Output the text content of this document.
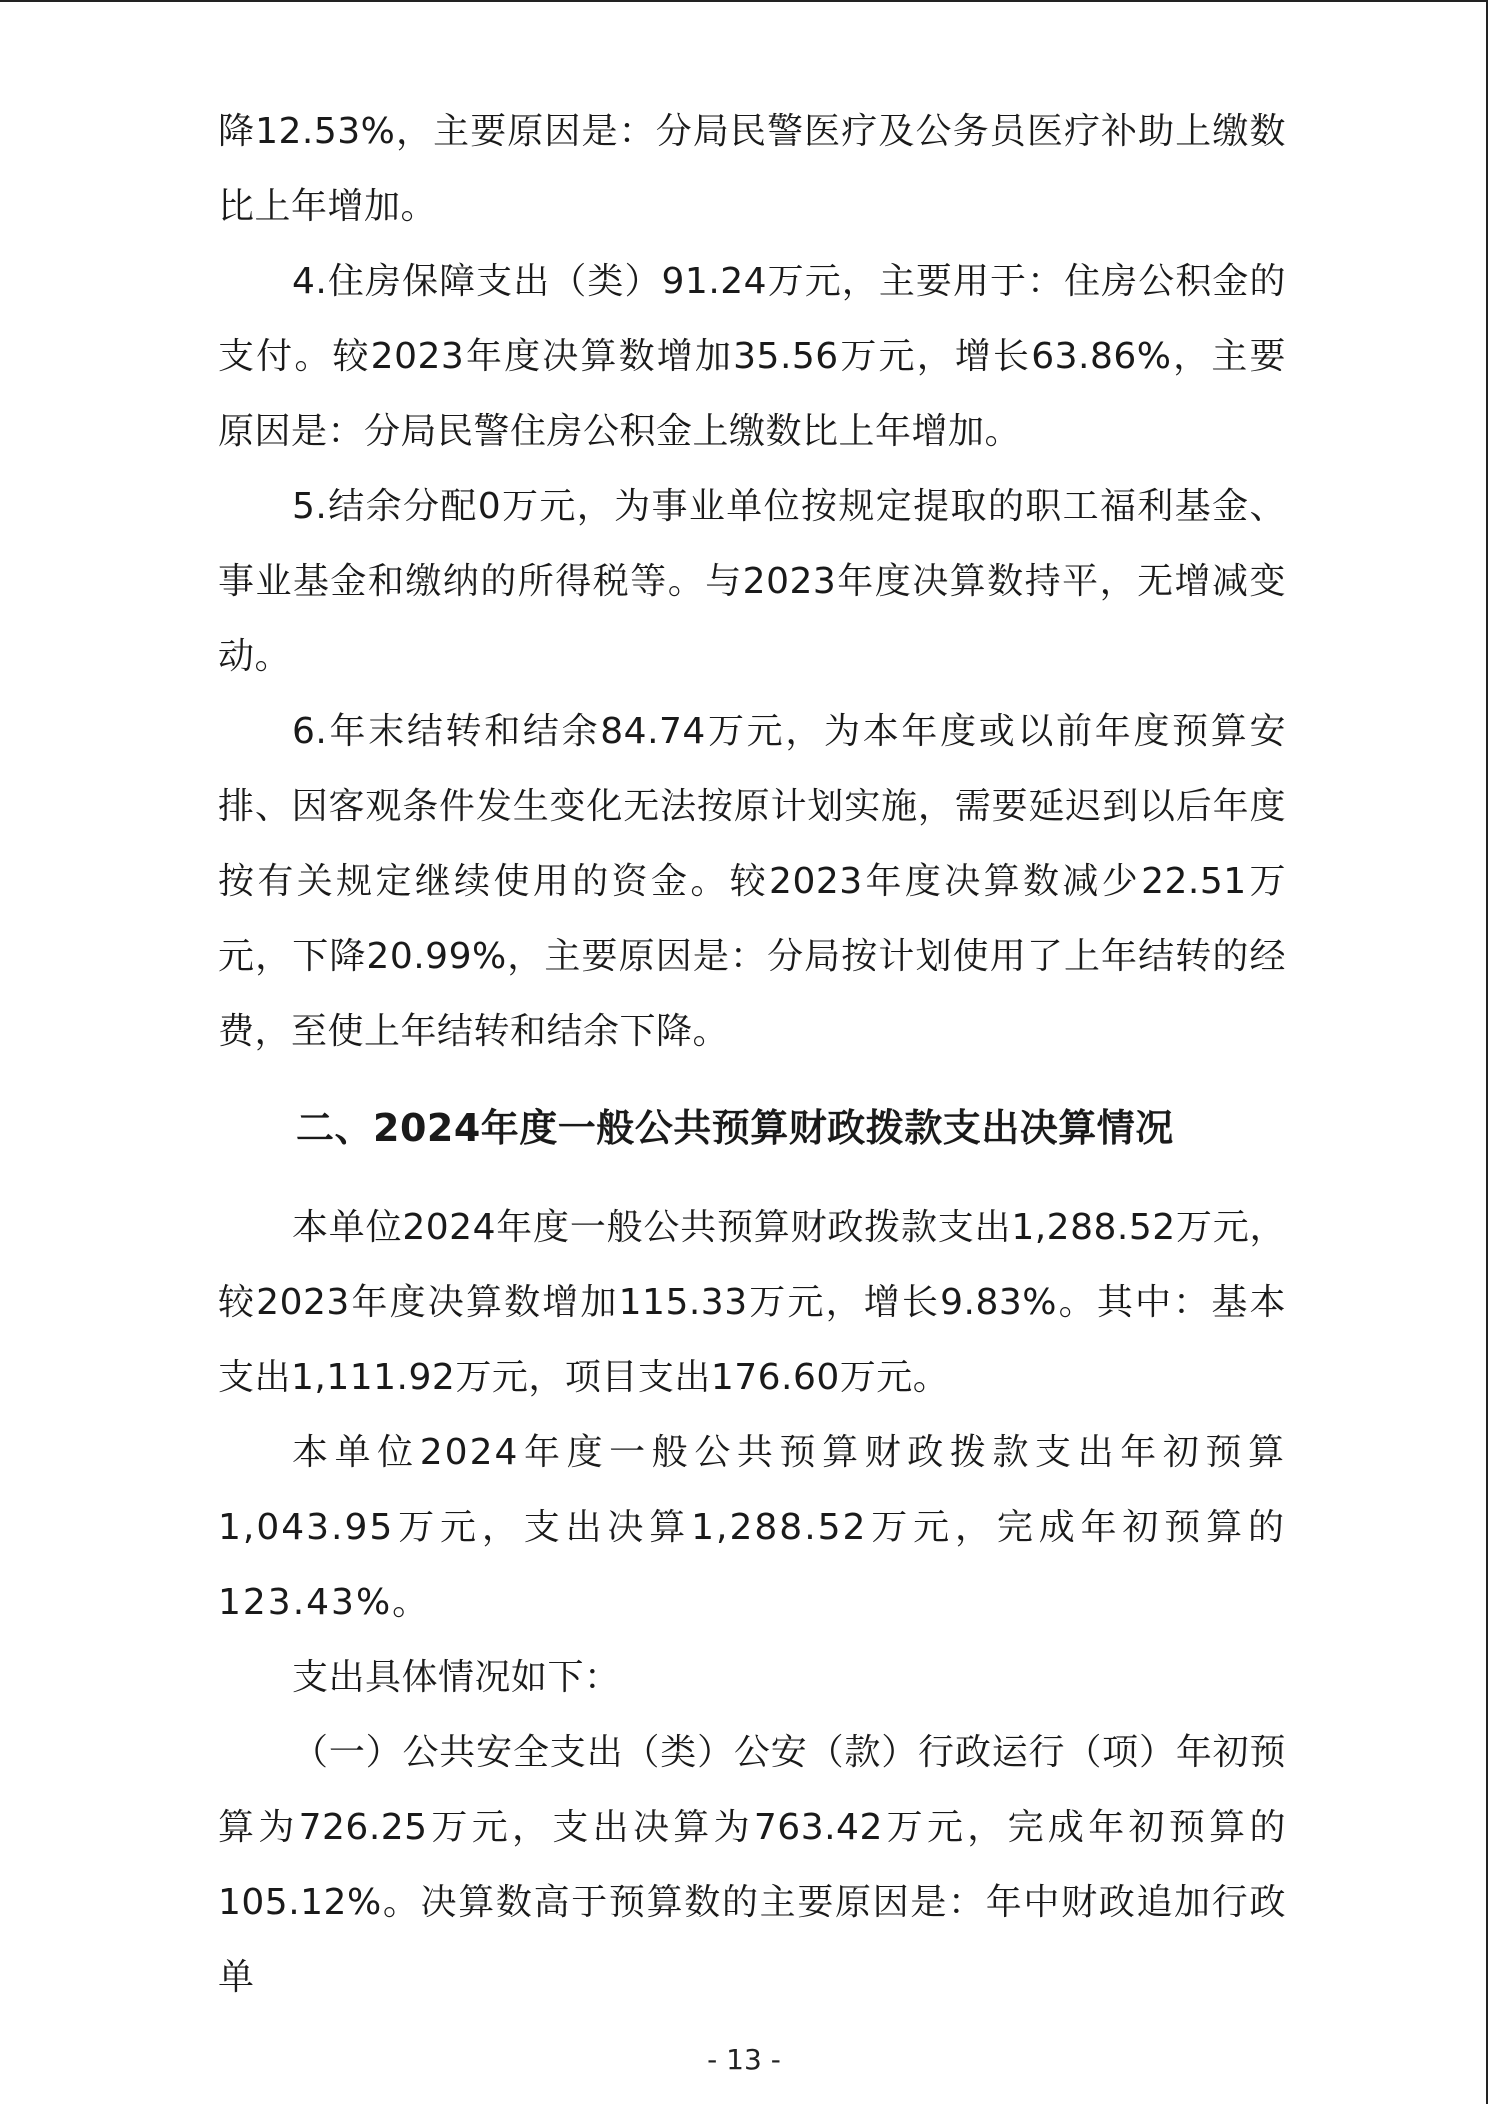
降12.53%，主要原因是：分局民警医疗及公务员医疗补助上缴数比上年增加。

4.住房保障支出（类）91.24万元，主要用于：住房公积金的支付。较2023年度决算数增加35.56万元，增长63.86%，主要原因是：分局民警住房公积金上缴数比上年增加。

5.结余分配0万元，为事业单位按规定提取的职工福利基金、事业基金和缴纳的所得税等。与2023年度决算数持平，无增减变动。

6.年末结转和结余84.74万元，为本年度或以前年度预算安排、因客观条件发生变化无法按原计划实施，需要延迟到以后年度按有关规定继续使用的资金。较2023年度决算数减少22.51万元，下降20.99%，主要原因是：分局按计划使用了上年结转的经费，至使上年结转和结余下降。

二、2024年度一般公共预算财政拨款支出决算情况

本单位2024年度一般公共预算财政拨款支出1,288.52万元，较2023年度决算数增加115.33万元，增长9.83%。其中：基本支出1,111.92万元，项目支出176.60万元。

本单位2024年度一般公共预算财政拨款支出年初预算1,043.95万元，支出决算1,288.52万元，完成年初预算的123.43%。

支出具体情况如下：

（一）公共安全支出（类）公安（款）行政运行（项）年初预算为726.25万元，支出决算为763.42万元，完成年初预算的105.12%。决算数高于预算数的主要原因是：年中财政追加行政单

- 13 -
